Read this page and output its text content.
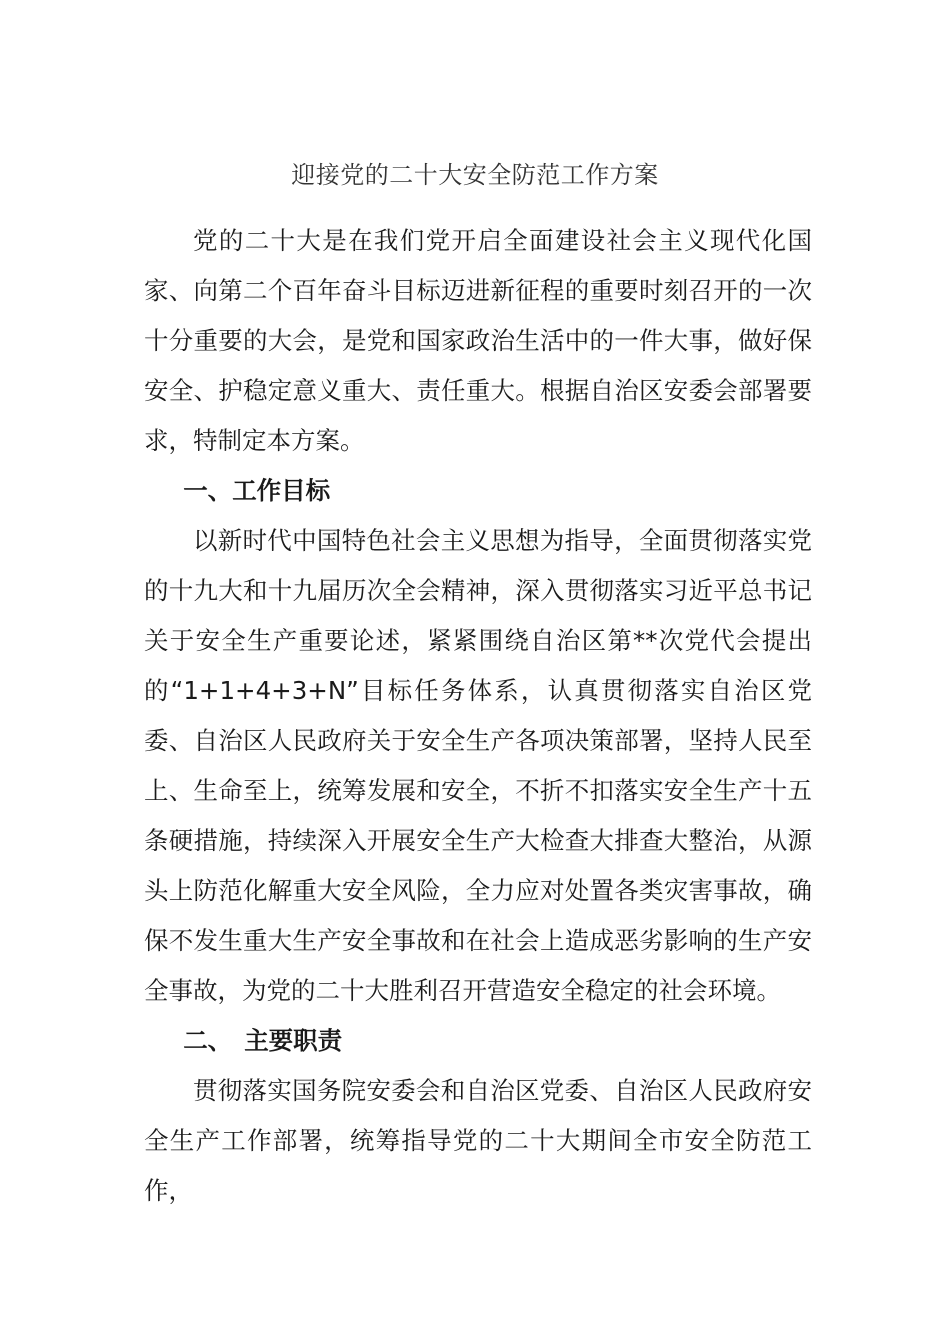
迎接党的二十大安全防范工作方案

党的二十大是在我们党开启全面建设社会主义现代化国家、向第二个百年奋斗目标迈进新征程的重要时刻召开的一次十分重要的大会，是党和国家政治生活中的一件大事，做好保安全、护稳定意义重大、责任重大。根据自治区安委会部署要求，特制定本方案。

一、工作目标

以新时代中国特色社会主义思想为指导，全面贯彻落实党的十九大和十九届历次全会精神，深入贯彻落实习近平总书记关于安全生产重要论述，紧紧围绕自治区第**次党代会提出的“1+1+4+3+N”目标任务体系，认真贯彻落实自治区党委、自治区人民政府关于安全生产各项决策部署，坚持人民至上、生命至上，统筹发展和安全，不折不扣落实安全生产十五条硬措施，持续深入开展安全生产大检查大排查大整治，从源头上防范化解重大安全风险，全力应对处置各类灾害事故，确保不发生重大生产安全事故和在社会上造成恶劣影响的生产安全事故，为党的二十大胜利召开营造安全稳定的社会环境。

二、 主要职责

贯彻落实国务院安委会和自治区党委、自治区人民政府安全生产工作部署，统筹指导党的二十大期间全市安全防范工作，
